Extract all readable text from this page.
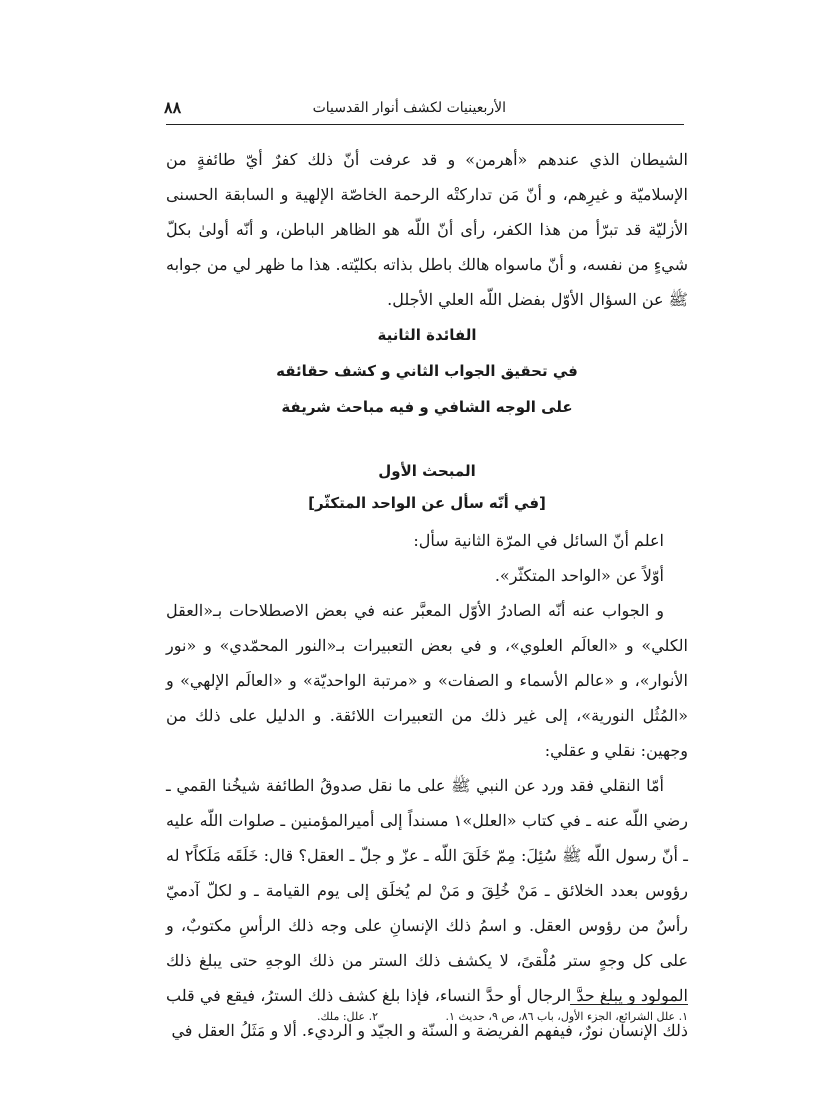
الأربعينيات لكشف أنوار القدسيات
٨٨

الشيطان الذي عندهم «أهرمن» و قد عرفت أنّ ذلك كفرٌ أيّ طائفةٍ من الإسلاميّة و غيرِهم، و أنّ مَن تداركتْه الرحمة الخاصّة الإلهية و السابقة الحسنى الأزليّة قد تبرّأ من هذا الكفر، رأى أنّ اللّه هو الظاهر الباطن، و أنّه أولىٰ بكلّ شيءٍ من نفسه، و أنّ ماسواه هالك باطل بذاته بكليّته. هذا ما ظهر لي من جوابه ﷺ عن السؤال الأوّل بفضل اللّه العلي الأجلل.

الفائدة الثانية
في تحقيق الجواب الثاني و كشف حقائقه
على الوجه الشافي و فيه مباحث شريفة
المبحث الأول
[في أنّه سأل عن الواحد المتكثّر]

اعلم أنّ السائل في المرّة الثانية سأل:

أوّلاً عن «الواحد المتكثّر».

و الجواب عنه أنّه الصادرُ الأوّل المعبَّر عنه في بعض الاصطلاحات بـ«العقل الكلي» و «العالَم العلوي»، و في بعض التعبيرات بـ«النور المحمّدي» و «نور الأنوار»، و «عالم الأسماء و الصفات» و «مرتبة الواحديّة» و «العالَم الإلهي» و «المُثُل النورية»، إلى غير ذلك من التعبيرات اللائقة. و الدليل على ذلك من وجهين: نقلي و عقلي:

أمّا النقلي فقد ورد عن النبي ﷺ على ما نقل صدوقُ الطائفة شيخُنا القمي ـ رضي اللّه عنه ـ في كتاب «العلل»١ مسنداً إلى أميرالمؤمنين ـ صلوات اللّه عليه ـ أنّ رسول اللّه ﷺ سُئِلَ: مِمّ خَلَقَ اللّه ـ عزّ و جلّ ـ العقل؟ قال: خَلَقَه مَلَكاً٢ له رؤوس بعدد الخلائق ـ مَنْ خُلِقَ و مَنْ لم يُخلَق إلى يوم القيامة ـ و لكلّ آدميّ رأسٌ من رؤوس العقل. و اسمُ ذلك الإنسانِ على وجه ذلك الرأسِ مكتوبٌ، و على كل وجهٍ ستر مُلْقىً، لا يكشف ذلك الستر من ذلك الوجهِ حتى يبلغ ذلك المولود و يبلغ حدَّ الرجال أو حدَّ النساء، فإذا بلغ كشف ذلك السترُ، فيقع في قلب ذلك الإنسان نورٌ، فيفهم الفريضة و السنّة و الجيّد و الرديء. ألا و مَثَلُ العقل في

١. علل الشرائع، الجزء الأول، باب ٨٦، ص ٩، حديث ١.
٢. علل: ملك.
